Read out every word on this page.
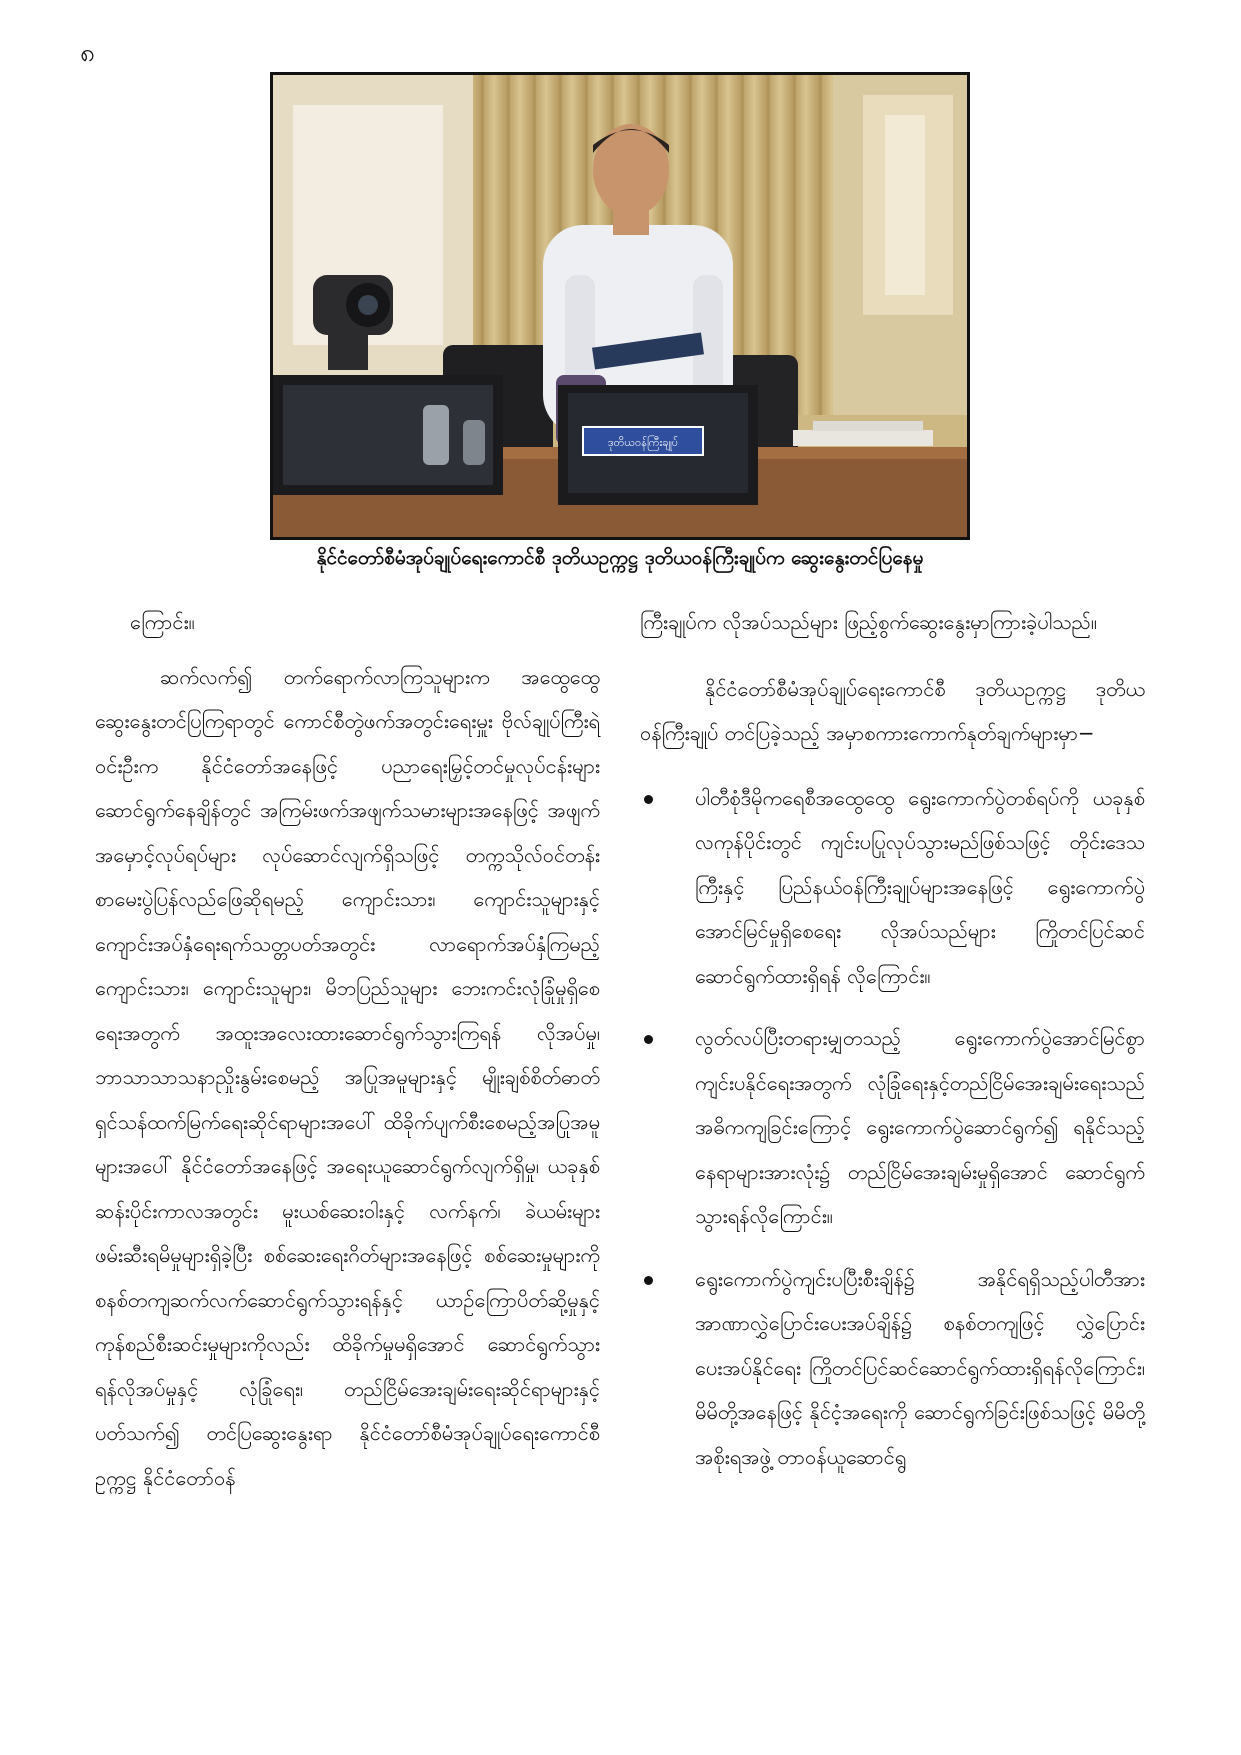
၈
ဒုတိယဝန်ကြီးချုပ်
နိုင်ငံတော်စီမံအုပ်ချုပ်ရေးကောင်စီ ဒုတိယဥက္ကဋ္ဌ ဒုတိယဝန်ကြီးချုပ်က ဆွေးနွေးတင်ပြနေမှု

ကြောင်း။

ဆက်လက်၍ တက်ရောက်လာကြသူများက အထွေထွေဆွေးနွေးတင်ပြကြရာတွင် ကောင်စီတွဲဖက်အတွင်းရေးမှူး ဗိုလ်ချုပ်ကြီးရဲဝင်းဦးက နိုင်ငံတော်အနေဖြင့် ပညာရေးမြှင့်တင်မှုလုပ်ငန်းများ ဆောင်ရွက်နေချိန်တွင် အကြမ်းဖက်အဖျက်သမားများအနေဖြင့် အဖျက်အမှောင့်လုပ်ရပ်များ လုပ်ဆောင်လျက်ရှိသဖြင့် တက္ကသိုလ်ဝင်တန်းစာမေးပွဲပြန်လည်ဖြေဆိုရမည့် ကျောင်းသား၊ ကျောင်းသူများနှင့် ကျောင်းအပ်နှံရေးရက်သတ္တပတ်အတွင်း လာရောက်အပ်နှံကြမည့် ကျောင်းသား၊ ကျောင်းသူများ၊ မိဘပြည်သူများ ဘေးကင်းလုံခြုံမှုရှိစေရေးအတွက် အထူးအလေးထားဆောင်ရွက်သွားကြရန် လိုအပ်မှု၊ ဘာသာသာသနာညှိုးနွမ်းစေမည့် အပြုအမူများနှင့် မျိုးချစ်စိတ်ဓာတ် ရှင်သန်ထက်မြက်ရေးဆိုင်ရာများအပေါ် ထိခိုက်ပျက်စီးစေမည့်အပြုအမူများအပေါ် နိုင်ငံတော်အနေဖြင့် အရေးယူဆောင်ရွက်လျက်ရှိမှု၊ ယခုနှစ်ဆန်းပိုင်းကာလအတွင်း မူးယစ်ဆေးဝါးနှင့် လက်နက်၊ ခဲယမ်းများ ဖမ်းဆီးရမိမှုများရှိခဲ့ပြီး စစ်ဆေးရေးဂိတ်များအနေဖြင့် စစ်ဆေးမှုများကို စနစ်တကျဆက်လက်ဆောင်ရွက်သွားရန်နှင့် ယာဉ်ကြောပိတ်ဆို့မှုနှင့် ကုန်စည်စီးဆင်းမှုများကိုလည်း ထိခိုက်မှုမရှိအောင် ဆောင်ရွက်သွားရန်လိုအပ်မှုနှင့် လုံခြုံရေး၊ တည်ငြိမ်အေးချမ်းရေးဆိုင်ရာများနှင့်ပတ်သက်၍ တင်ပြဆွေးနွေးရာ နိုင်ငံတော်စီမံအုပ်ချုပ်ရေးကောင်စီဥက္ကဋ္ဌ နိုင်ငံတော်ဝန်

ကြီးချုပ်က လိုအပ်သည်များ ဖြည့်စွက်ဆွေးနွေးမှာကြားခဲ့ပါသည်။

နိုင်ငံတော်စီမံအုပ်ချုပ်ရေးကောင်စီ ဒုတိယဥက္ကဋ္ဌ ဒုတိယဝန်ကြီးချုပ် တင်ပြခဲ့သည့် အမှာစကားကောက်နုတ်ချက်များမှာ−

ပါတီစုံဒီမိုကရေစီအထွေထွေ ရွေးကောက်ပွဲတစ်ရပ်ကို ယခုနှစ်လကုန်ပိုင်းတွင် ကျင်းပပြုလုပ်သွားမည်ဖြစ်သဖြင့် တိုင်းဒေသကြီးနှင့် ပြည်နယ်ဝန်ကြီးချုပ်များအနေဖြင့် ရွေးကောက်ပွဲ အောင်မြင်မှုရှိစေရေး လိုအပ်သည်များ ကြိုတင်ပြင်ဆင်ဆောင်ရွက်ထားရှိရန် လိုကြောင်း။
လွတ်လပ်ပြီးတရားမျှတသည့် ရွေးကောက်ပွဲအောင်မြင်စွာ ကျင်းပနိုင်ရေးအတွက် လုံခြုံရေးနှင့်တည်ငြိမ်အေးချမ်းရေးသည် အဓိကကျခြင်းကြောင့် ရွေးကောက်ပွဲဆောင်ရွက်၍ ရနိုင်သည့် နေရာများအားလုံး၌ တည်ငြိမ်အေးချမ်းမှုရှိအောင် ဆောင်ရွက်သွားရန်လိုကြောင်း။
ရွေးကောက်ပွဲကျင်းပပြီးစီးချိန်၌ အနိုင်ရရှိသည့်ပါတီအား အာဏာလွှဲပြောင်းပေးအပ်ချိန်၌ စနစ်တကျဖြင့် လွှဲပြောင်းပေးအပ်နိုင်ရေး ကြိုတင်ပြင်ဆင်ဆောင်ရွက်ထားရှိရန်လိုကြောင်း၊ မိမိတို့အနေဖြင့် နိုင်ငံ့အရေးကို ဆောင်ရွက်ခြင်းဖြစ်သဖြင့် မိမိတို့အစိုးရအဖွဲ့ တာဝန်ယူဆောင်ရွ
